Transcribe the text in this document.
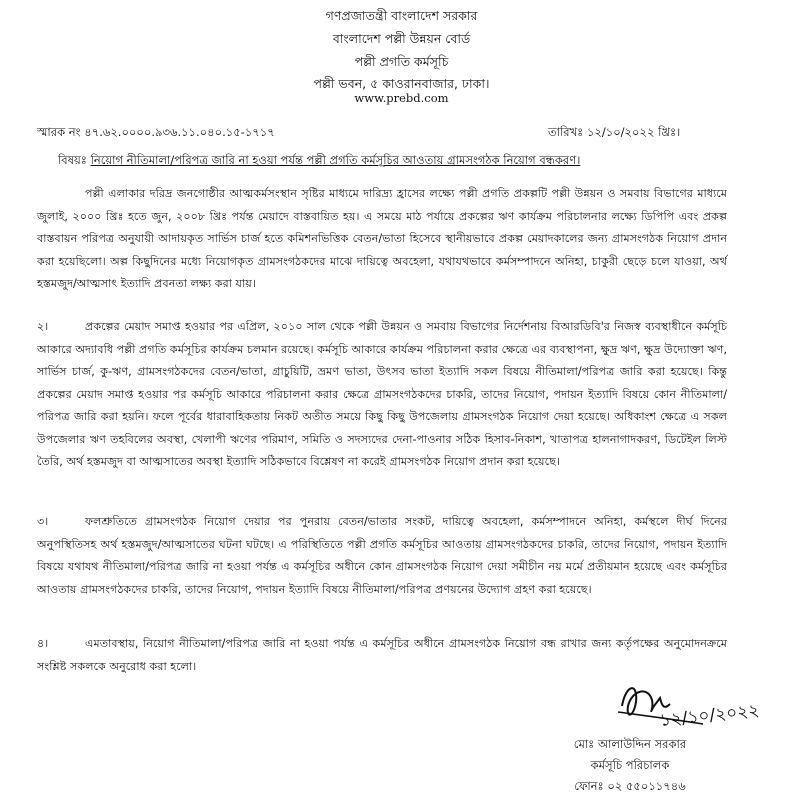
গণপ্রজাতন্ত্রী বাংলাদেশ সরকার
বাংলাদেশ পল্লী উন্নয়ন বোর্ড
পল্লী প্রগতি কর্মসূচি
পল্লী ভবন, ৫ কাওরানবাজার, ঢাকা।
www.prebd.com
স্মারক নং ৪৭.৬২.০০০০.৯৩৬.১১.০৪০.১৫-১৭১৭	তারিখঃ ১২/১০/২০২২ খ্রিঃ।
বিষয়ঃ নিয়োগ নীতিমালা/পরিপত্র জারি না হওয়া পর্যন্ত পল্লী প্রগতি কর্মসূচির আওতায় গ্রামসংগঠক নিয়োগ বন্ধকরণ।
পল্লী এলাকার দরিদ্র জনগোষ্ঠীর আত্মকর্মসংস্থান সৃষ্টির মাধ্যমে দারিদ্র্য হ্রাসের লক্ষ্যে পল্লী প্রগতি প্রকল্পটি পল্লী উন্নয়ন ও সমবায় বিভাগের মাধ্যমে জুলাই, ২০০০ খ্রিঃ হতে জুন, ২০০৮ খ্রিঃ পর্যন্ত মেয়াদে বাস্তবায়িত হয়। এ সময়ে মাঠ পর্যায়ে প্রকল্পের ঋণ কার্যক্রম পরিচালনার লক্ষ্যে ডিপিপি এবং প্রকল্প বাস্তবায়ন পরিপত্র অনুযায়ী আদায়কৃত সার্ভিস চার্জ হতে কমিশনভিত্তিক বেতন/ভাতা হিসেবে স্থানীয়ভাবে প্রকল্প মেয়াদকালের জন্য গ্রামসংগঠক নিয়োগ প্রদান করা হয়েছিলো। অল্প কিছুদিনের মধ্যে নিয়োগকৃত গ্রামসংগঠকদের মাঝে দায়িত্বে অবহেলা, যথাযথভাবে কর্মসম্পাদনে অনিহা, চাকুরী ছেড়ে চলে যাওয়া, অর্থ হস্তমজুদ/আত্মসাৎ ইত্যাদি প্রবনতা লক্ষ্য করা যায়।
২।	প্রকল্পের মেয়াদ সমাপ্ত হওয়ার পর এপ্রিল, ২০১০ সাল থেকে পল্লী উন্নয়ন ও সমবায় বিভাগের নির্দেশনায় বিআরডিবি'র নিজস্ব ব্যবস্থাধীনে কর্মসূচি আকারে অদ্যাবধি পল্লী প্রগতি কর্মসূচির কার্যক্রম চলমান রয়েছে। কর্মসূচি আকারে কার্যক্রম পরিচালনা করার ক্ষেত্রে এর ব্যবস্থাপনা, ক্ষুদ্র ঋণ, ক্ষুদ্র উদ্যোক্তা ঋণ, সার্ভিস চার্জ, কু-ঋণ, গ্রামসংগঠকদের বেতন/ভাতা, গ্রাচুয়িটি, ভ্রমণ ভাতা, উৎসব ভাতা ইত্যাদি সকল বিষয়ে নীতিমালা/পরিপত্র জারি করা হয়েছে। কিন্তু প্রকল্পের মেয়াদ সমাপ্ত হওয়ার পর কর্মসূচি আকারে পরিচালনা করার ক্ষেত্রে গ্রামসংগঠকদের চাকরি, তাদের নিয়োগ, পদায়ন ইত্যাদি বিষয়ে কোন নীতিমালা/পরিপত্র জারি করা হয়নি। ফলে পূর্বের ধারাবাহিকতায় নিকট অতীত সময়ে কিছু কিছু উপজেলায় গ্রামসংগঠক নিয়োগ দেয়া হয়েছে। অধিকাংশ ক্ষেত্রে এ সকল উপজেলার ঋণ তহবিলের অবস্থা, খেলাপী ঋণের পরিমাণ, সমিতি ও সদস্যদের দেনা-পাওনার সঠিক হিসাব-নিকাশ, খাতাপত্র হালনাগাদকরণ, ডিটেইল লিস্ট তৈরি, অর্থ হস্তমজুদ বা আত্মসাতের অবস্থা ইত্যাদি সঠিকভাবে বিশ্লেষণ না করেই গ্রামসংগঠক নিয়োগ প্রদান করা হয়েছে।
৩।	ফলশ্রুতিতে গ্রামসংগঠক নিয়োগ দেয়ার পর পুনরায় বেতন/ভাতার সংকট, দায়িত্বে অবহেলা, কর্মসম্পাদনে অনিহা, কর্মস্থলে দীর্ঘ দিনের অনুপস্থিতিসহ অর্থ হস্তমজুদ/আত্মসাতের ঘটনা ঘটছে। এ পরিস্থিতিতে পল্লী প্রগতি কর্মসূচির আওতায় গ্রামসংগঠকদের চাকরি, তাদের নিয়োগ, পদায়ন ইত্যাদি বিষয়ে যথাযথ নীতিমালা/পরিপত্র জারি না হওয়া পর্যন্ত এ কর্মসূচির অধীনে কোন গ্রামসংগঠক নিয়োগ দেয়া সমীচীন নয় মর্মে প্রতীয়মান হয়েছে এবং কর্মসূচির আওতায় গ্রামসংগঠকদের চাকরি, তাদের নিয়োগ, পদায়ন ইত্যাদি বিষয়ে নীতিমালা/পরিপত্র প্রণয়নের উদ্যোগ গ্রহণ করা হয়েছে।
৪।	এমতাবস্থায়, নিয়োগ নীতিমালা/পরিপত্র জারি না হওয়া পর্যন্ত এ কর্মসূচির অধীনে গ্রামসংগঠক নিয়োগ বন্ধ রাখার জন্য কর্তৃপক্ষের অনুমোদনক্রমে সংশ্লিষ্ট সকলকে অনুরোধ করা হলো।
১২/১০/২০২২
মোঃ আলাউদ্দিন সরকার
কর্মসূচি পরিচালক
ফোনঃ ০২ ৫৫০১১৭৪৬
